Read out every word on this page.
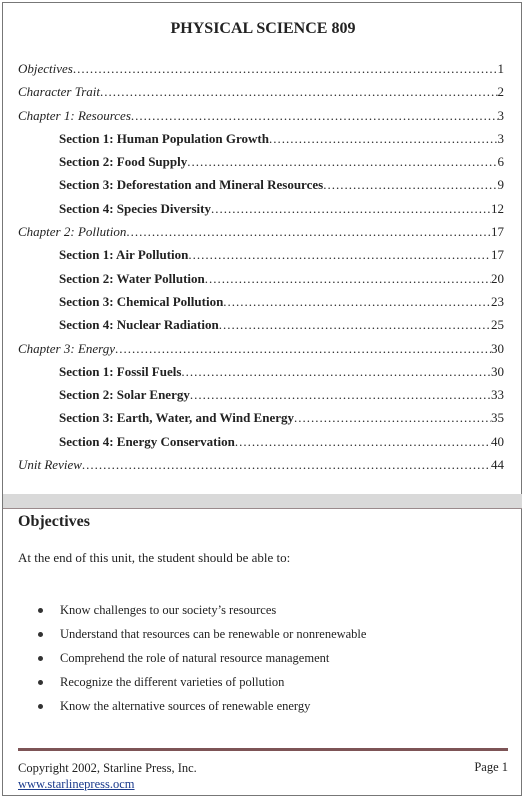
PHYSICAL SCIENCE 809
Objectives .....	1
Character Trait .....	2
Chapter 1: Resources .....	3
Section 1: Human Population Growth .....	3
Section 2: Food Supply .....	6
Section 3: Deforestation and Mineral Resources .....	9
Section 4: Species Diversity .....	12
Chapter 2: Pollution .....	17
Section 1: Air Pollution .....	17
Section 2: Water Pollution .....	20
Section 3: Chemical Pollution .....	23
Section 4: Nuclear Radiation .....	25
Chapter 3: Energy .....	30
Section 1: Fossil Fuels .....	30
Section 2: Solar Energy .....	33
Section 3: Earth, Water, and Wind Energy .....	35
Section 4: Energy Conservation .....	40
Unit Review .....	44
Objectives
At the end of this unit, the student should be able to:
Know challenges to our society’s resources
Understand that resources can be renewable or nonrenewable
Comprehend the role of natural resource management
Recognize the different varieties of pollution
Know the alternative sources of renewable energy
Copyright 2002, Starline Press, Inc.
www.starlinepress.ocm
Page 1
